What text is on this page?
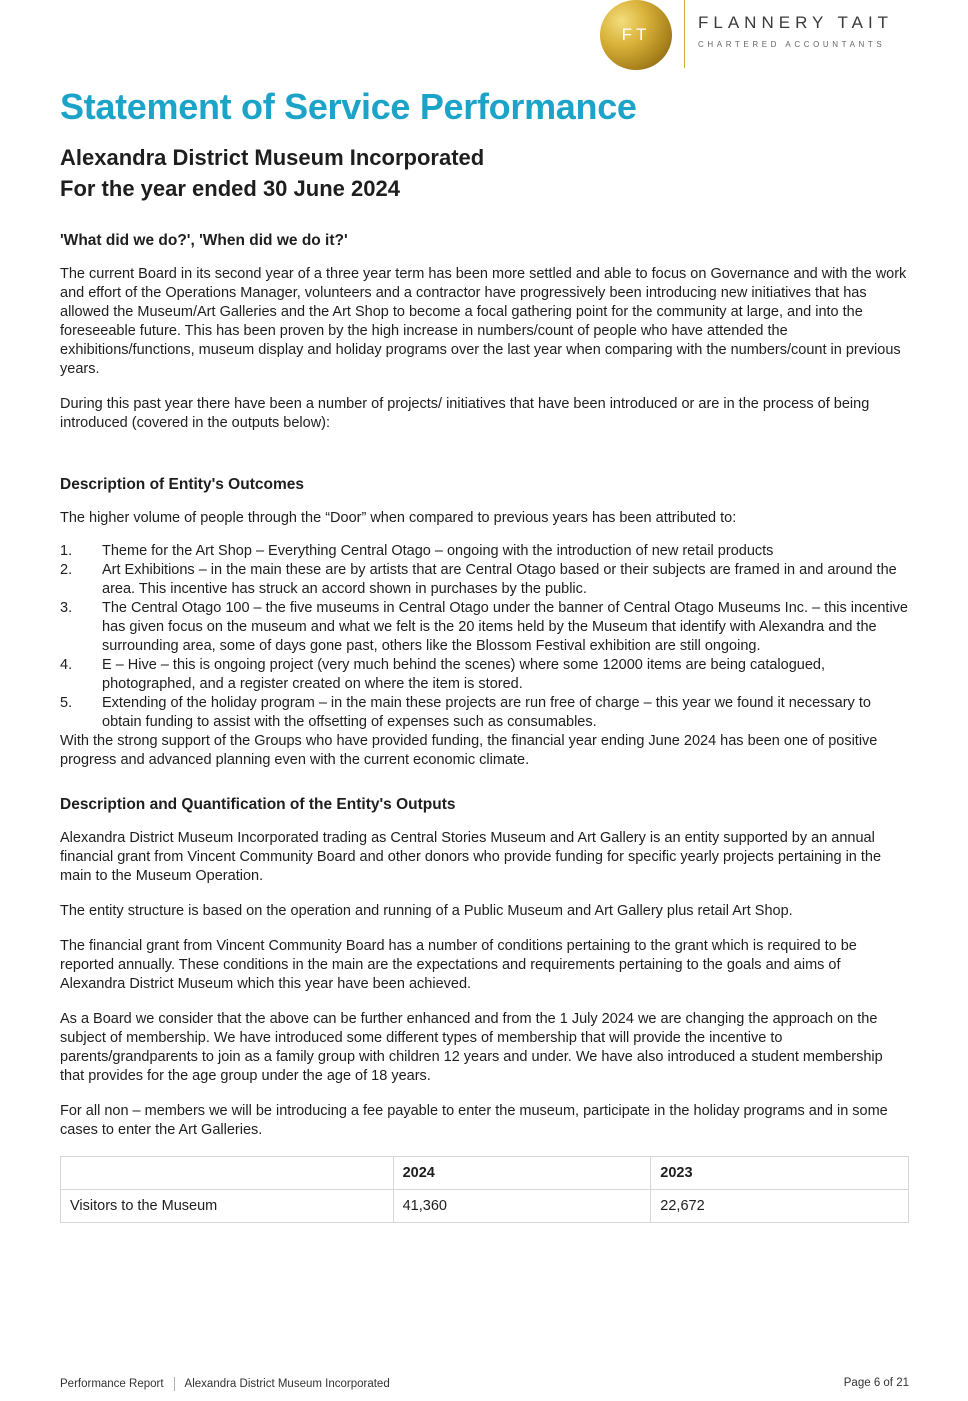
FT
FLANNERY TAIT
CHARTERED ACCOUNTANTS
Statement of Service Performance
Alexandra District Museum Incorporated
For the year ended 30 June 2024
'What did we do?', 'When did we do it?'

The current Board in its second year of a three year term has been more settled and able to focus on Governance and with the work and effort of the Operations Manager, volunteers and a contractor have progressively been introducing new initiatives that has allowed the Museum/Art Galleries and the Art Shop to become a focal gathering point for the community at large, and into the foreseeable future. This has been proven by the high increase in numbers/count of people who have attended the exhibitions/functions, museum display and holiday programs over the last year when comparing with the numbers/count in previous years.

During this past year there have been a number of projects/ initiatives that have been introduced or are in the process of being introduced (covered in the outputs below):

Description of Entity's Outcomes

The higher volume of people through the “Door” when compared to previous years has been attributed to:

1. Theme for the Art Shop – Everything Central Otago – ongoing with the introduction of new retail products
2. Art Exhibitions – in the main these are by artists that are Central Otago based or their subjects are framed in and around the area. This incentive has struck an accord shown in purchases by the public.
3. The Central Otago 100 – the five museums in Central Otago under the banner of Central Otago Museums Inc. – this incentive has given focus on the museum and what we felt is the 20 items held by the Museum that identify with Alexandra and the surrounding area, some of days gone past, others like the Blossom Festival exhibition are still ongoing.
4. E – Hive – this is ongoing project (very much behind the scenes) where some 12000 items are being catalogued, photographed, and a register created on where the item is stored.
5. Extending of the holiday program – in the main these projects are run free of charge – this year we found it necessary to obtain funding to assist with the offsetting of expenses such as consumables.

With the strong support of the Groups who have provided funding, the financial year ending June 2024 has been one of positive progress and advanced planning even with the current economic climate.

Description and Quantification of the Entity's Outputs

Alexandra District Museum Incorporated trading as Central Stories Museum and Art Gallery is an entity supported by an annual financial grant from Vincent Community Board and other donors who provide funding for specific yearly projects pertaining in the main to the Museum Operation.

The entity structure is based on the operation and running of a Public Museum and Art Gallery plus retail Art Shop.

The financial grant from Vincent Community Board has a number of conditions pertaining to the grant which is required to be reported annually. These conditions in the main are the expectations and requirements pertaining to the goals and aims of Alexandra District Museum which this year have been achieved.

As a Board we consider that the above can be further enhanced and from the 1 July 2024 we are changing the approach on the subject of membership. We have introduced some different types of membership that will provide the incentive to parents/grandparents to join as a family group with children 12 years and under. We have also introduced a student membership that provides for the age group under the age of 18 years.

For all non – members we will be introducing a fee payable to enter the museum, participate in the holiday programs and in some cases to enter the Art Galleries.

	2024	2023
Visitors to the Museum	41,360	22,672
Performance Report Alexandra District Museum Incorporated	Page 6 of 21
